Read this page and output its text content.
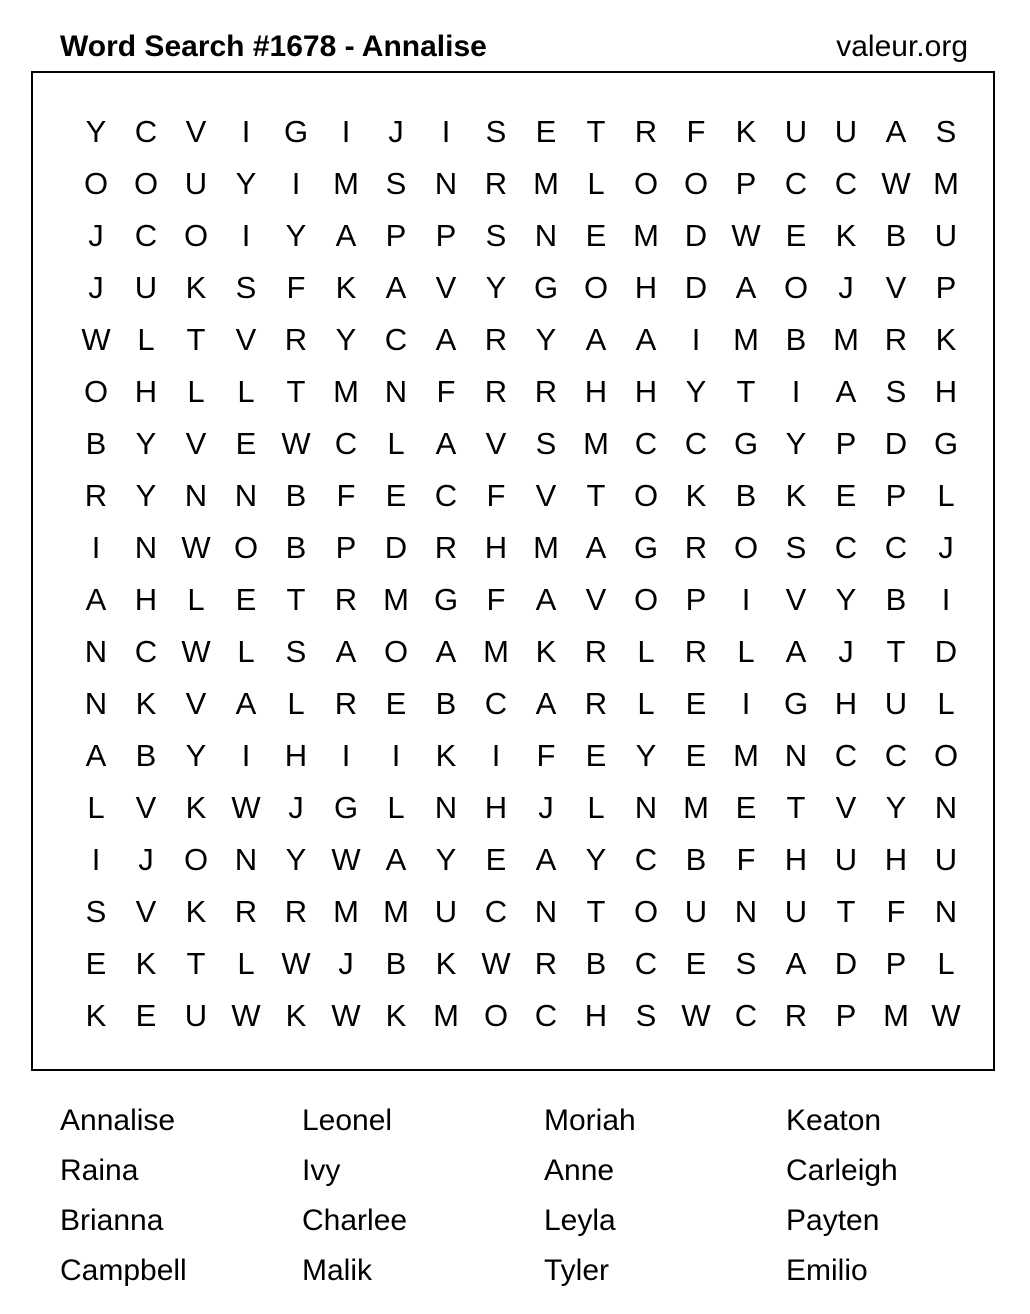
Word Search #1678 - Annalise	valeur.org
Y C V	I	G	I	J	I	S E T R F K U U A S
O O U Y	I	M S N R M L O O P C C W M
J	C O	I	Y A P P S N E M D W E K B U
J	U K S F K A V Y G O H D A O J	V P
W L	T V R Y C A R Y A A	I	M B M R K
O H L	L	T M N F R R H H Y T	I	A S H
B Y V E W C L	A V S M C C G Y P D G
R Y N N B F E C F V T O K B K E P	L
I	N W O B P D R H M A G R O S C C	J
A H L	E T R M G F A V O P	I	V Y B	I
N C W L	S A O A M K R L R L	A	J	T D
N K V A	L R E B C A R L	E	I	G H U L
A B Y	I	H	I	I	K	I	F E Y E M N C C O
L	V K W J G L N H	J	L N M E T V Y N
I	J O N Y W A Y E A Y C B F H U H U
S V K R R M M U C N T O U N U T	F N
E K T	L W J	B K W R B C E S A D P	L
K E U W K W K M O C H S W C R P M W
Annalise	Leonel	Moriah	Keaton
Raina	Ivy	Anne	Carleigh
Brianna	Charlee	Leyla	Payten
Campbell	Malik	Tyler	Emilio
